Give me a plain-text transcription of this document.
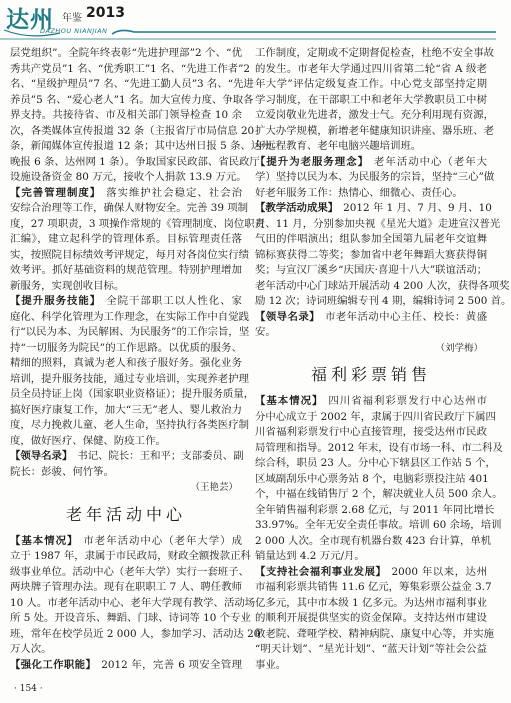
达州 年鉴 2013
DAZHOU NIANJIAN
层党组织”。全院年终表彰“先进护理部”2 个、“优
秀共产党员”1 名、“优秀职工”1 名、“先进工作者”2
名、“星级护理员”7 名、“先进工勤人员”3 名、“先进
养员”5 名、“爱心老人”1 名。加大宣传力度、争取各
界支持。共接待省、市及相关部门领导检查 10 余
次，各类媒体宣传报道 32 条（主报省厅市局信息 20
条，新闻媒体宣传报道 12 条；其中达州日报 5 条、达州
晚报 6 条、达州网 1 条）。争取国家民政部、省民政厅
设施设备资金 80 万元，接收个人捐款 13.9 万元。
【完善管理制度】 落实维护社会稳定、社会治
安综合治理等工作，确保人财物安全。完善 39 项制
度，27 项职责，3 项操作常规的《管理制度、岗位职责
汇编》，建立起科学的管理体系。目标管理责任落
实，按照院目标绩效考评规定，每月对各岗位实行绩
效考评。抓好基础资料的规范管理。特别护理增加
新服务，实现创收目标。
【提升服务技能】 全院干部职工以人性化、家
庭化、科学化管理为工作理念，在实际工作中自觉践
行“以民为本、为民解困、为民服务”的工作宗旨，坚
持“一切服务为院民”的工作思路。以优质的服务、
精细的照料，真诚为老人和孩子服好务。强化业务
培训，提升服务技能，通过专业培训，实现养老护理
员全员持证上岗（国家职业资格证）；提升服务质量，
搞好医疗康复工作，加大“三无”老人、婴儿救治力
度，尽力挽救儿童、老人生命，坚持执行各类医疗制
度，做好医疗、保健、防疫工作。
【领导名录】 书记、院长：王和平；支部委员、副
院长：彭骏、何竹筝。
（王艳芸）
老年活动中心
【基本情况】 市老年活动中心（老年大学）成
立于 1987 年，隶属于市民政局，财政全额拨款正科
级事业单位。活动中心（老年大学）实行一套班子、
两块牌子管理办法。现有在职职工 7 人、聘任教师
10 人。市老年活动中心、老年大学现有教学、活动场
所 5 处。开设音乐、舞蹈、门球、诗词等 10 个专业
班，常年在校学员近 2 000 人，参加学习、活动达 20
万人次。
【强化工作职能】 2012 年，完善 6 项安全管理
工作制度，定期或不定期督促检查，杜绝不安全事故
的发生。市老年大学通过四川省第二轮“省 A 级老
年大学”评估定级复查工作。中心党支部坚持定期
学习制度，在干部职工中和老年大学教职员工中树
立爱岗敬业先进者，激发士气。充分利用现有资源，
扩大办学规模，新增老年健康知识讲座、器乐班、老
年远程教育、老年电脑兴趣培训班。
【提升为老服务理念】 老年活动中心（老年大
学）坚持以民为本、为民服务的宗旨，坚持“三心”做
好老年服务工作：热情心、细微心、责任心。
【教学活动成果】 2012 年 1 月、7 月、9 月、10
月、11 月，分别参加央视《星光大道》走进宣汉普光
气田的伴唱演出；组队参加全国第九届老年交谊舞
锦标赛获得二等奖；参加省中老年舞蹈大赛获得铜
奖；与宣汉厂溪乡“庆国庆·喜迎十八大”联谊活动；
老年活动中心门球站开展活动 4 200 人次，获得各项奖
励 12 次；诗词班编辑专刊 4 期，编辑诗词 2 500 首。
【领导名录】 市老年活动中心主任、校长：黄盛
安。
（刘学梅）
福利彩票销售
【基本情况】 四川省福利彩票发行中心达州市
分中心成立于 2002 年，隶属于四川省民政厅下属四
川省福利彩票发行中心直接管理，接受达州市民政
局管理和指导。2012 年末，设有市场一科、市二科及
综合科，职员 23 人。分中心下辖县区工作站 5 个，
区域副刮乐中心票务站 8 个，电脑彩票投注站 401
个，中福在线销售厅 2 个，解决就业人员 500 余人。
全年销售福利彩票 2.68 亿元，与 2011 年同比增长
33.97%。全年无安全责任事故。培训 60 余场，培训
2 000 人次。全市现有机器台数 423 台计算，单机
销量达到 4.2 万元/月。
【支持社会福利事业发展】 2000 年以来，达州
市福利彩票共销售 11.6 亿元，筹集彩票公益金 3.7
亿多元，其中市本级 1 亿多元。为达州市福利事业
的顺利开展提供坚实的资金保障。支持达州市建设
敬老院、聋哑学校、精神病院、康复中心等，并实施
“明天计划”、“星光计划”、“蓝天计划”等社会公益
事业。
· 154 ·
